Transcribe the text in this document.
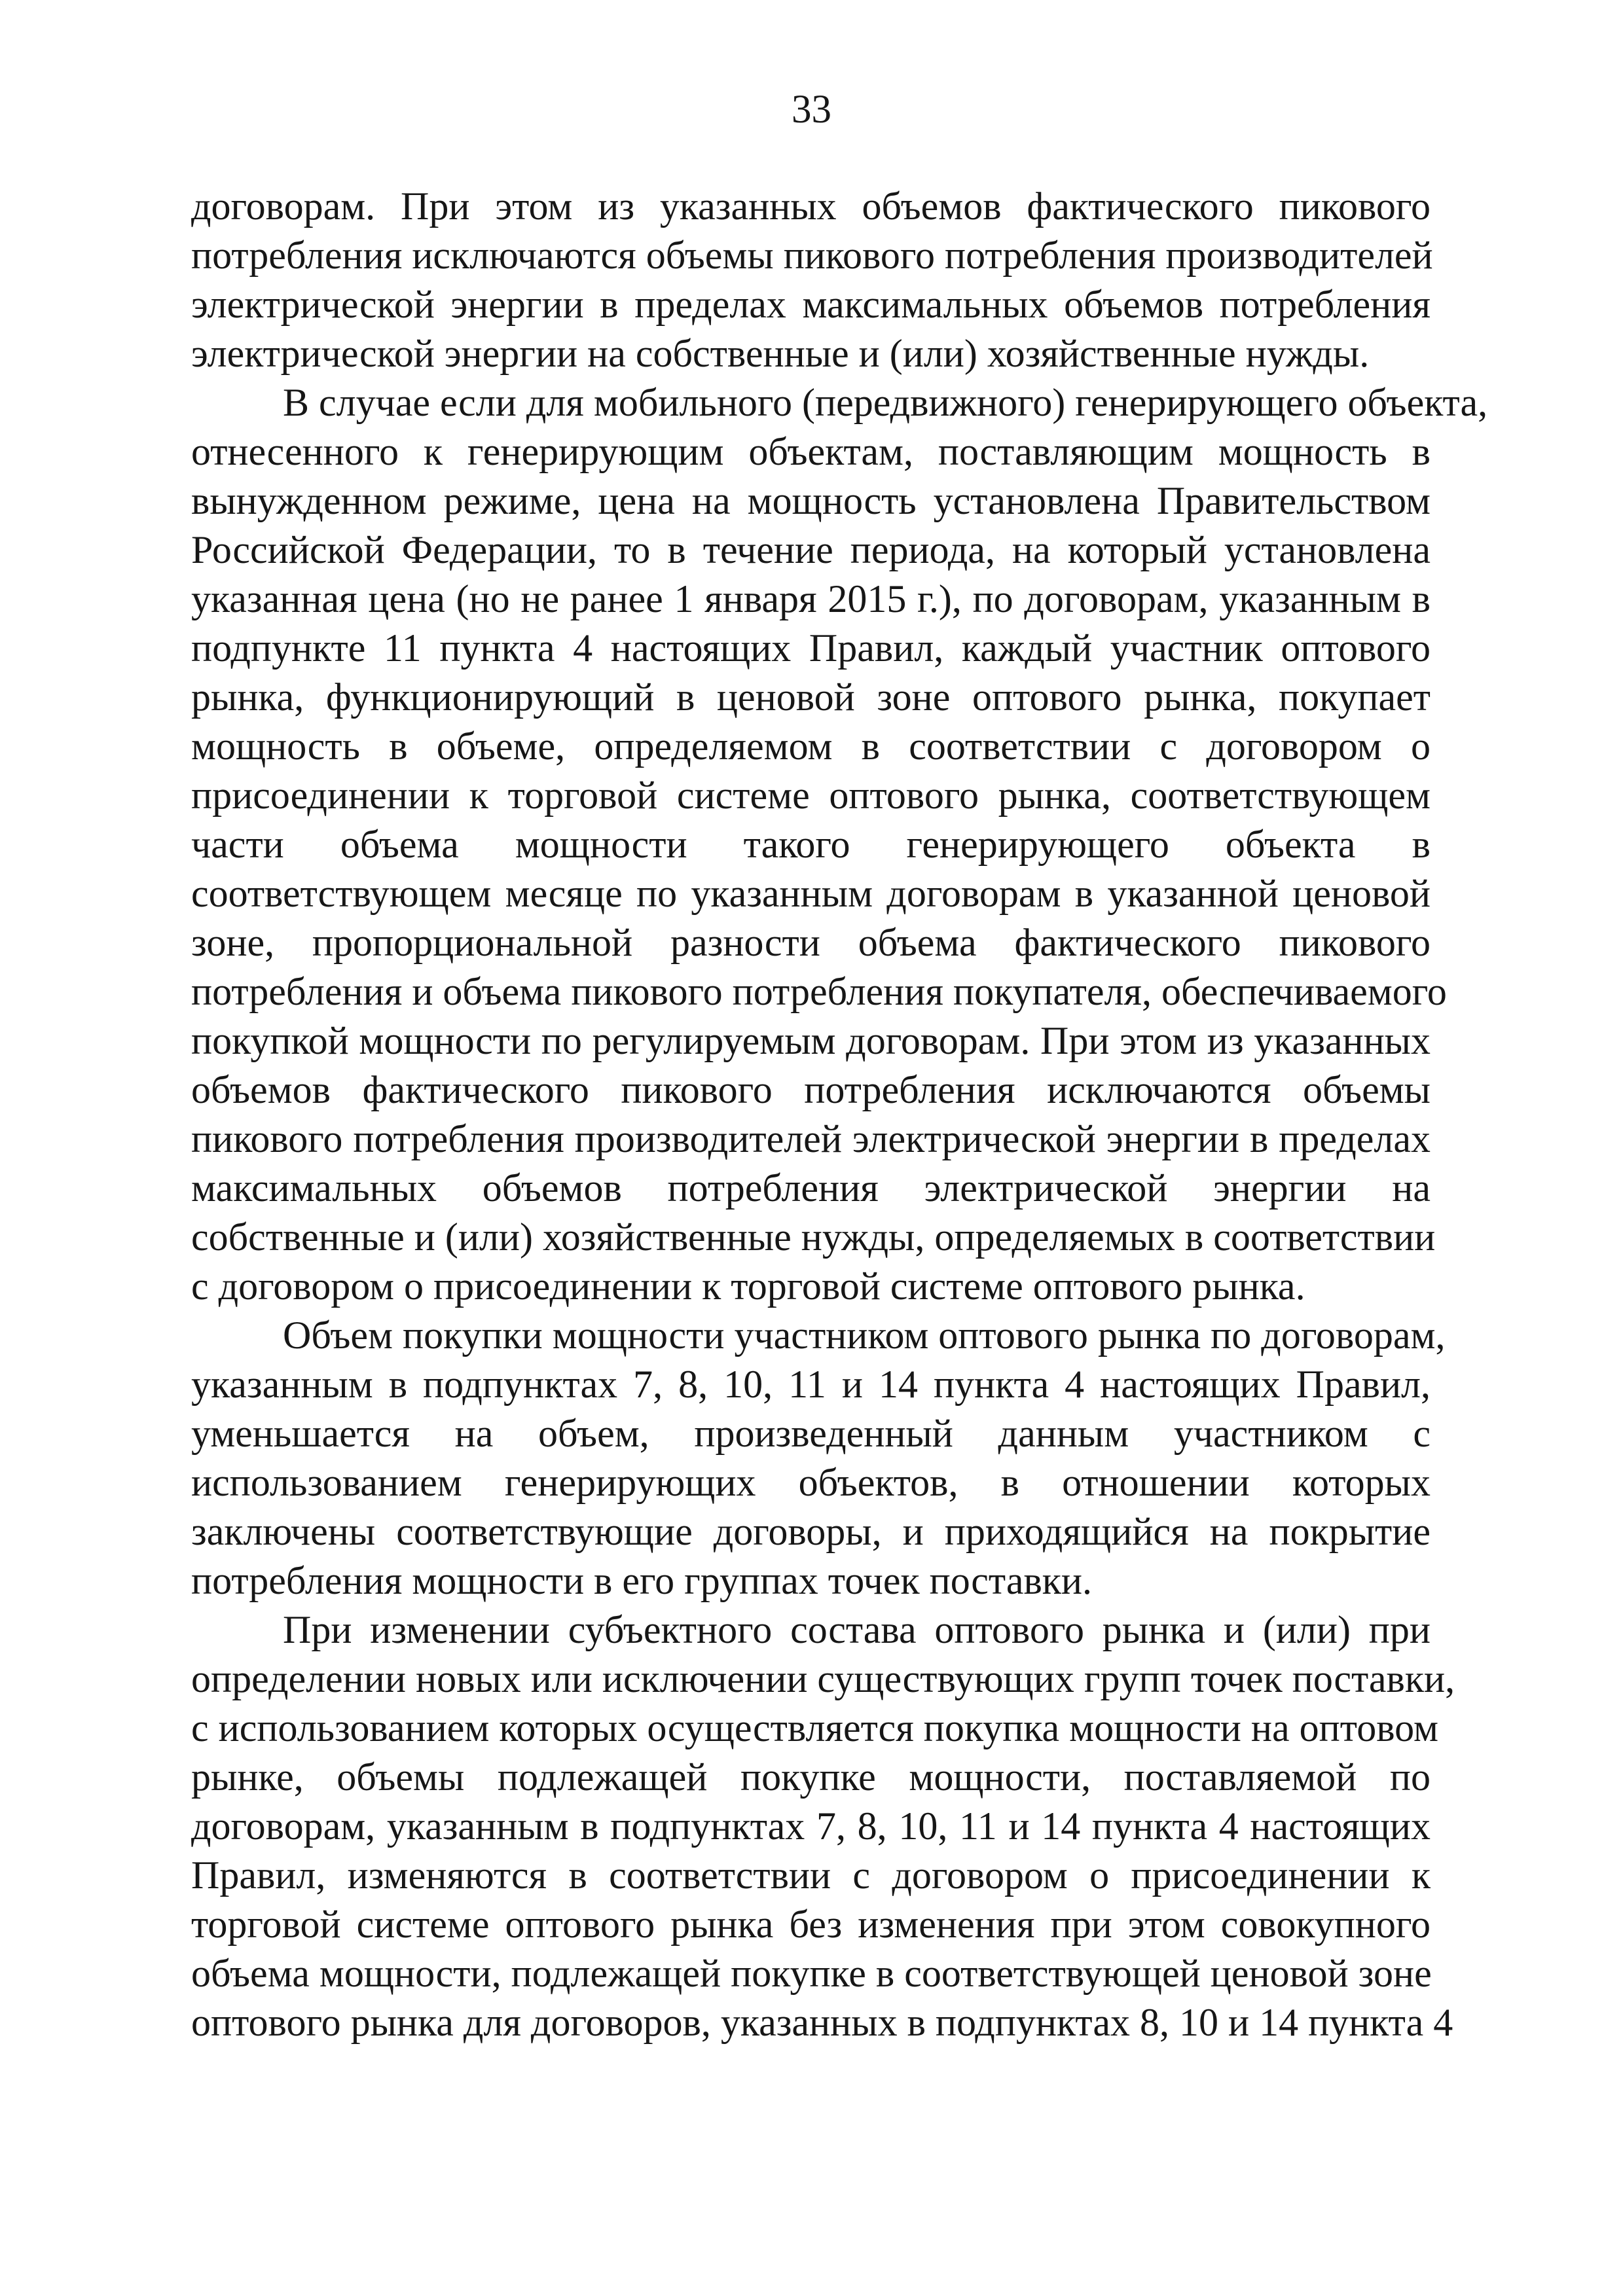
33
договорам. При этом из указанных объемов фактического пикового
потребления исключаются объемы пикового потребления производителей
электрической энергии в пределах максимальных объемов потребления
электрической энергии на собственные и (или) хозяйственные нужды.
В случае если для мобильного (передвижного) генерирующего объекта,
отнесенного к генерирующим объектам, поставляющим мощность в
вынужденном режиме, цена на мощность установлена Правительством
Российской Федерации, то в течение периода, на который установлена
указанная цена (но не ранее 1 января 2015 г.), по договорам, указанным в
подпункте 11 пункта 4 настоящих Правил, каждый участник оптового
рынка, функционирующий в ценовой зоне оптового рынка, покупает
мощность в объеме, определяемом в соответствии с договором о
присоединении к торговой системе оптового рынка, соответствующем
части объема мощности такого генерирующего объекта в
соответствующем месяце по указанным договорам в указанной ценовой
зоне, пропорциональной разности объема фактического пикового
потребления и объема пикового потребления покупателя, обеспечиваемого
покупкой мощности по регулируемым договорам. При этом из указанных
объемов фактического пикового потребления исключаются объемы
пикового потребления производителей электрической энергии в пределах
максимальных объемов потребления электрической энергии на
собственные и (или) хозяйственные нужды, определяемых в соответствии
с договором о присоединении к торговой системе оптового рынка.
Объем покупки мощности участником оптового рынка по договорам,
указанным в подпунктах 7, 8, 10, 11 и 14 пункта 4 настоящих Правил,
уменьшается на объем, произведенный данным участником с
использованием генерирующих объектов, в отношении которых
заключены соответствующие договоры, и приходящийся на покрытие
потребления мощности в его группах точек поставки.
При изменении субъектного состава оптового рынка и (или) при
определении новых или исключении существующих групп точек поставки,
с использованием которых осуществляется покупка мощности на оптовом
рынке, объемы подлежащей покупке мощности, поставляемой по
договорам, указанным в подпунктах 7, 8, 10, 11 и 14 пункта 4 настоящих
Правил, изменяются в соответствии с договором о присоединении к
торговой системе оптового рынка без изменения при этом совокупного
объема мощности, подлежащей покупке в соответствующей ценовой зоне
оптового рынка для договоров, указанных в подпунктах 8, 10 и 14 пункта 4
